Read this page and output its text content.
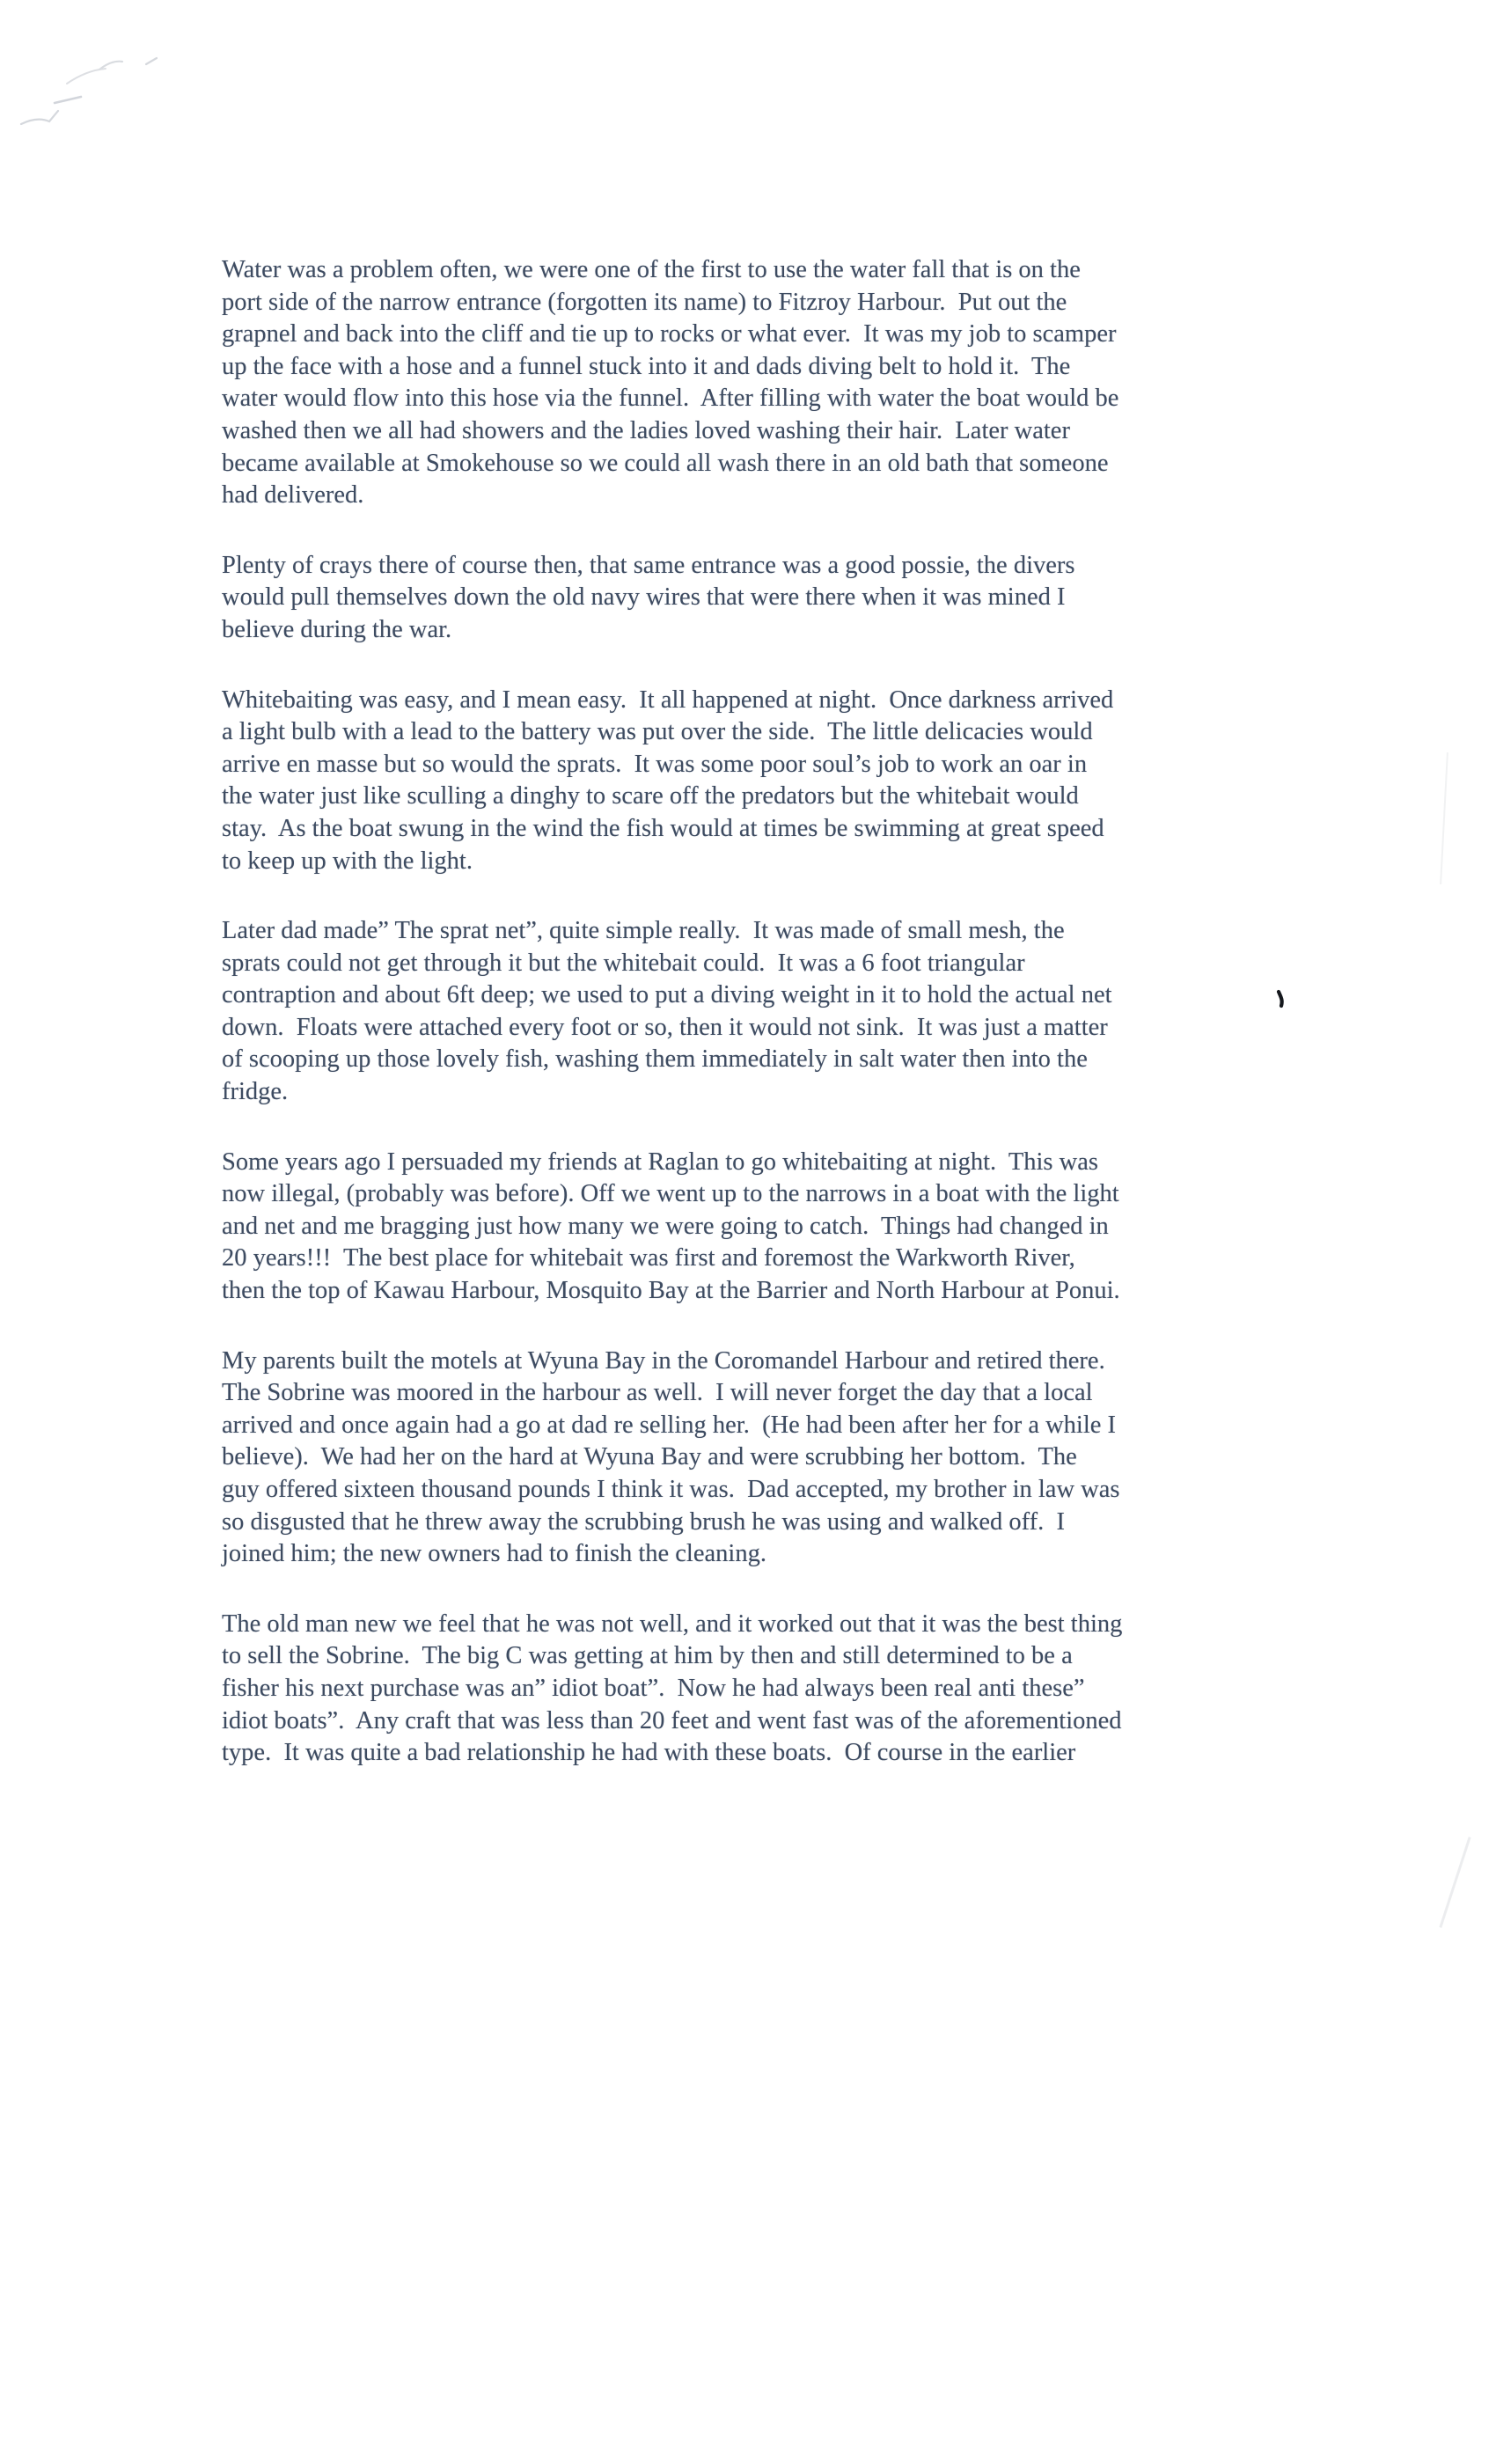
Water was a problem often, we were one of the first to use the water fall that is on the
port side of the narrow entrance (forgotten its name) to Fitzroy Harbour.  Put out the
grapnel and back into the cliff and tie up to rocks or what ever.  It was my job to scamper
up the face with a hose and a funnel stuck into it and dads diving belt to hold it.  The
water would flow into this hose via the funnel.  After filling with water the boat would be
washed then we all had showers and the ladies loved washing their hair.  Later water
became available at Smokehouse so we could all wash there in an old bath that someone
had delivered.
Plenty of crays there of course then, that same entrance was a good possie, the divers
would pull themselves down the old navy wires that were there when it was mined I
believe during the war.
Whitebaiting was easy, and I mean easy.  It all happened at night.  Once darkness arrived
a light bulb with a lead to the battery was put over the side.  The little delicacies would
arrive en masse but so would the sprats.  It was some poor soul’s job to work an oar in
the water just like sculling a dinghy to scare off the predators but the whitebait would
stay.  As the boat swung in the wind the fish would at times be swimming at great speed
to keep up with the light.
Later dad made” The sprat net”, quite simple really.  It was made of small mesh, the
sprats could not get through it but the whitebait could.  It was a 6 foot triangular
contraption and about 6ft deep; we used to put a diving weight in it to hold the actual net
down.  Floats were attached every foot or so, then it would not sink.  It was just a matter
of scooping up those lovely fish, washing them immediately in salt water then into the
fridge.
Some years ago I persuaded my friends at Raglan to go whitebaiting at night.  This was
now illegal, (probably was before). Off we went up to the narrows in a boat with the light
and net and me bragging just how many we were going to catch.  Things had changed in
20 years!!!  The best place for whitebait was first and foremost the Warkworth River,
then the top of Kawau Harbour, Mosquito Bay at the Barrier and North Harbour at Ponui.
My parents built the motels at Wyuna Bay in the Coromandel Harbour and retired there.
The Sobrine was moored in the harbour as well.  I will never forget the day that a local
arrived and once again had a go at dad re selling her.  (He had been after her for a while I
believe).  We had her on the hard at Wyuna Bay and were scrubbing her bottom.  The
guy offered sixteen thousand pounds I think it was.  Dad accepted, my brother in law was
so disgusted that he threw away the scrubbing brush he was using and walked off.  I
joined him; the new owners had to finish the cleaning.
The old man new we feel that he was not well, and it worked out that it was the best thing
to sell the Sobrine.  The big C was getting at him by then and still determined to be a
fisher his next purchase was an” idiot boat”.  Now he had always been real anti these”
idiot boats”.  Any craft that was less than 20 feet and went fast was of the aforementioned
type.  It was quite a bad relationship he had with these boats.  Of course in the earlier
